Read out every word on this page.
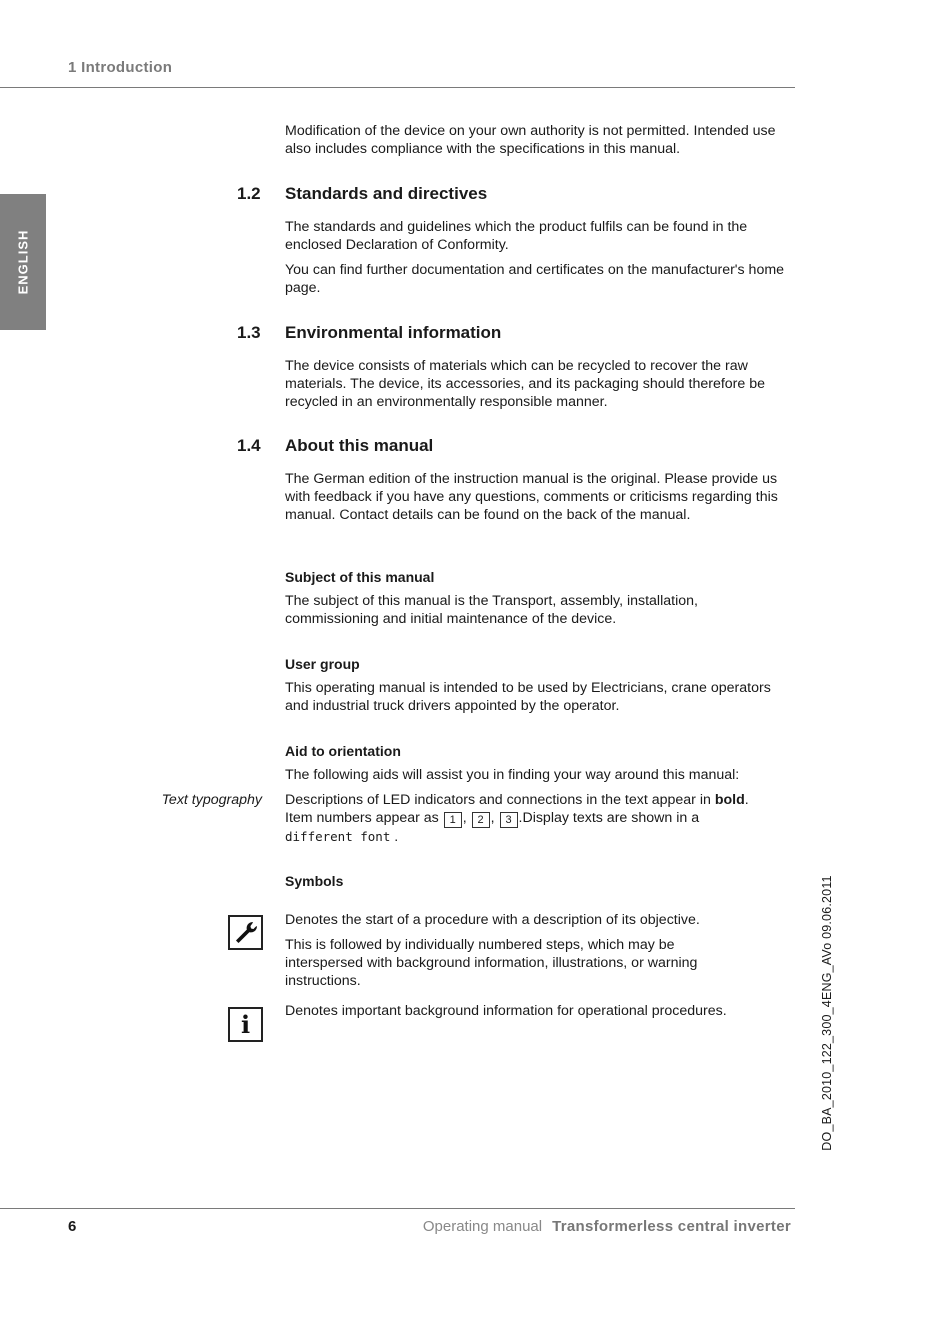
1 Introduction
ENGLISH
Modification of the device on your own authority is not permitted. Intended use also includes compliance with the specifications in this manual.
1.2 Standards and directives
The standards and guidelines which the product fulfils can be found in the enclosed Declaration of Conformity.
You can find further documentation and certificates on the manufacturer's home page.
1.3 Environmental information
The device consists of materials which can be recycled to recover the raw materials. The device, its accessories, and its packaging should therefore be recycled in an environmentally responsible manner.
1.4 About this manual
The German edition of the instruction manual is the original. Please provide us with feedback if you have any questions, comments or criticisms regarding this manual. Contact details can be found on the back of the manual.
Subject of this manual
The subject of this manual is the Transport, assembly, installation, commissioning and initial maintenance of the device.
User group
This operating manual is intended to be used by Electricians, crane operators and industrial truck drivers appointed by the operator.
Aid to orientation
The following aids will assist you in finding your way around this manual:
Text typography Descriptions of LED indicators and connections in the text appear in bold.
Item numbers appear as 1 , 2 , 3 .Display texts are shown in a
different font .
Symbols
Denotes the start of a procedure with a description of its objective.
This is followed by individually numbered steps, which may be interspersed with background information, illustrations, or warning instructions.
i Denotes important background information for operational procedures.	DO_BA_2010_122_300_4ENG_AVo 09.06.2011
6	Operating manual Transformerless central inverter
